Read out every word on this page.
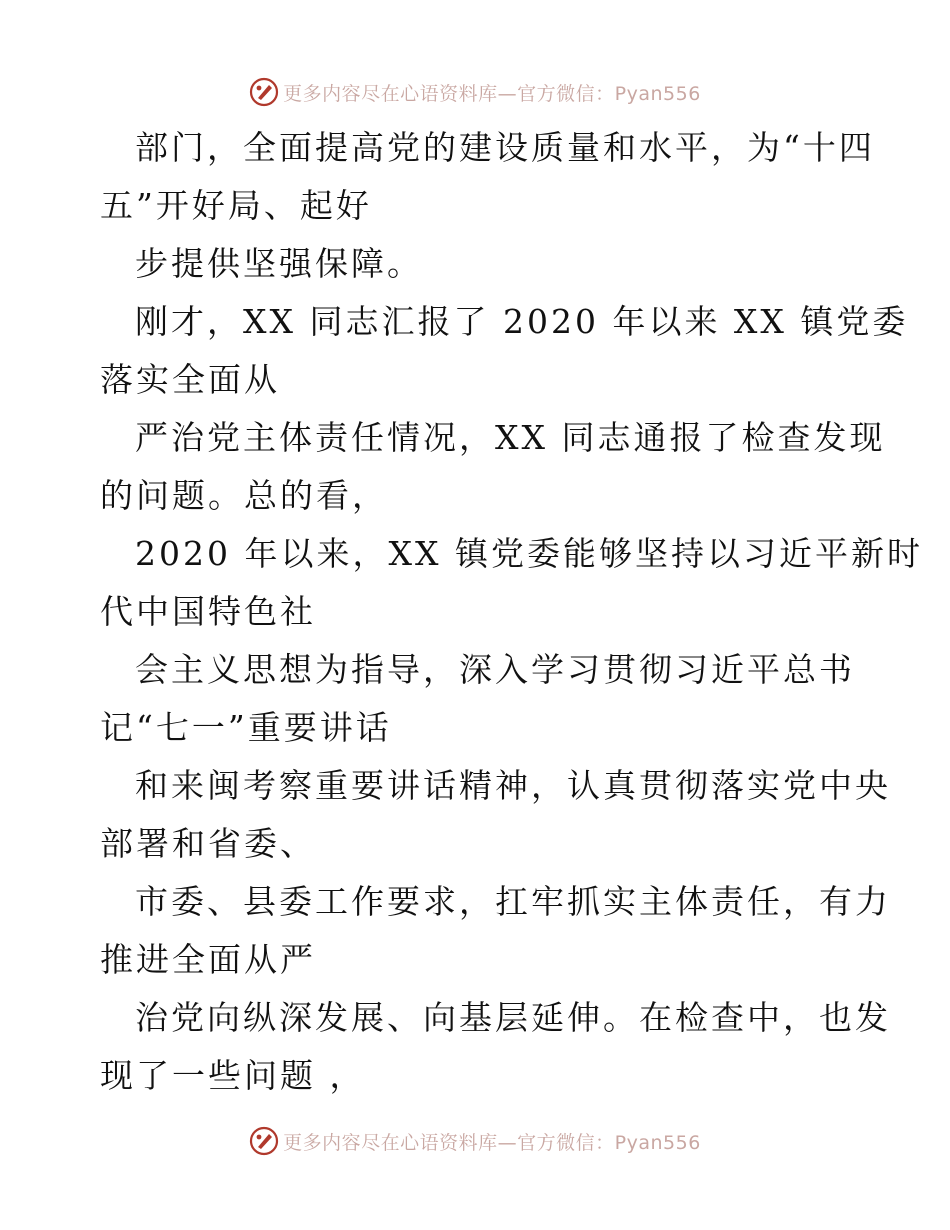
更多内容尽在心语资料库—官方微信：Pyan556
部门，全面提高党的建设质量和水平，为“十四
五”开好局、起好
步提供坚强保障。
刚才，XX 同志汇报了 2020 年以来 XX 镇党委
落实全面从
严治党主体责任情况，XX 同志通报了检查发现
的问题。总的看，
2020 年以来，XX 镇党委能够坚持以习近平新时
代中国特色社
会主义思想为指导，深入学习贯彻习近平总书
记“七一”重要讲话
和来闽考察重要讲话精神，认真贯彻落实党中央
部署和省委、
市委、县委工作要求，扛牢抓实主体责任，有力
推进全面从严
治党向纵深发展、向基层延伸。在检查中，也发
现了一些问题 ，
更多内容尽在心语资料库—官方微信：Pyan556
